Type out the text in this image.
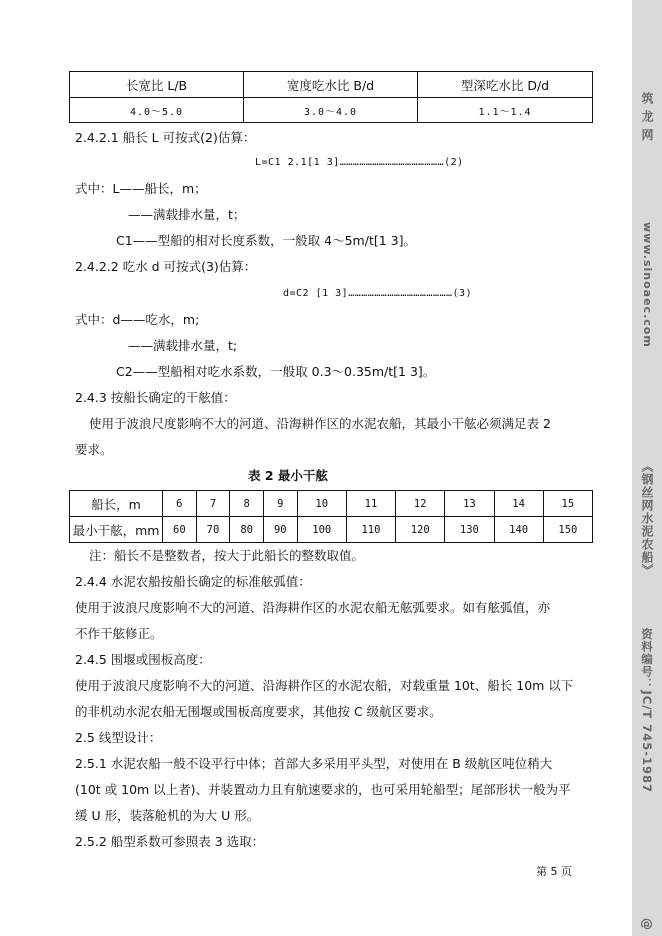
长宽比 L/B	宽度吃水比 B/d	型深吃水比 D/d
4.0～5.0	3.0～4.0	1.1～1.4
2.4.2.1 船长 L 可按式(2)估算：
L=C1 2.1[1 3]…………………………………………(2)
式中：L——船长，m；
——满载排水量，t；
C1——型船的相对长度系数，一般取 4～5m/t[1 3]。
2.4.2.2 吃水 d 可按式(3)估算：
d=C2 [1 3]…………………………………………(3)
式中：d——吃水，m;
——满载排水量，t;
C2——型船相对吃水系数，一般取 0.3～0.35m/t[1 3]。
2.4.3 按船长确定的干舷值：
使用于波浪尺度影响不大的河道、沿海耕作区的水泥农船，其最小干舷必须满足表 2
要求。
表 2 最小干舷
船长，m	6	7	8	9	10	11	12	13	14	15
最小干舷，mm	60	70	80	90	100	110	120	130	140	150
注：船长不是整数者，按大于此船长的整数取值。
2.4.4 水泥农船按船长确定的标准舷弧值：
使用于波浪尺度影响不大的河道、沿海耕作区的水泥农船无舷弧要求。如有舷弧值，亦
不作干舷修正。
2.4.5 围堰或围板高度：
使用于波浪尺度影响不大的河道、沿海耕作区的水泥农船，对载重量 10t、船长 10m 以下
的非机动水泥农船无围堰或围板高度要求，其他按 C 级航区要求。
2.5 线型设计：
2.5.1 水泥农船一般不设平行中体；首部大多采用平头型，对使用在 B 级航区吨位稍大
(10t 或 10m 以上者)、并装置动力且有航速要求的，也可采用轮船型；尾部形状一般为平
缓 U 形，装落舱机的为大 U 形。
2.5.2 船型系数可参照表 3 选取：
第 5 页
筑 龙 网
www.sinoaec.com
《钢丝网水泥农船》
资料编号：JC/T 745-1987
@
